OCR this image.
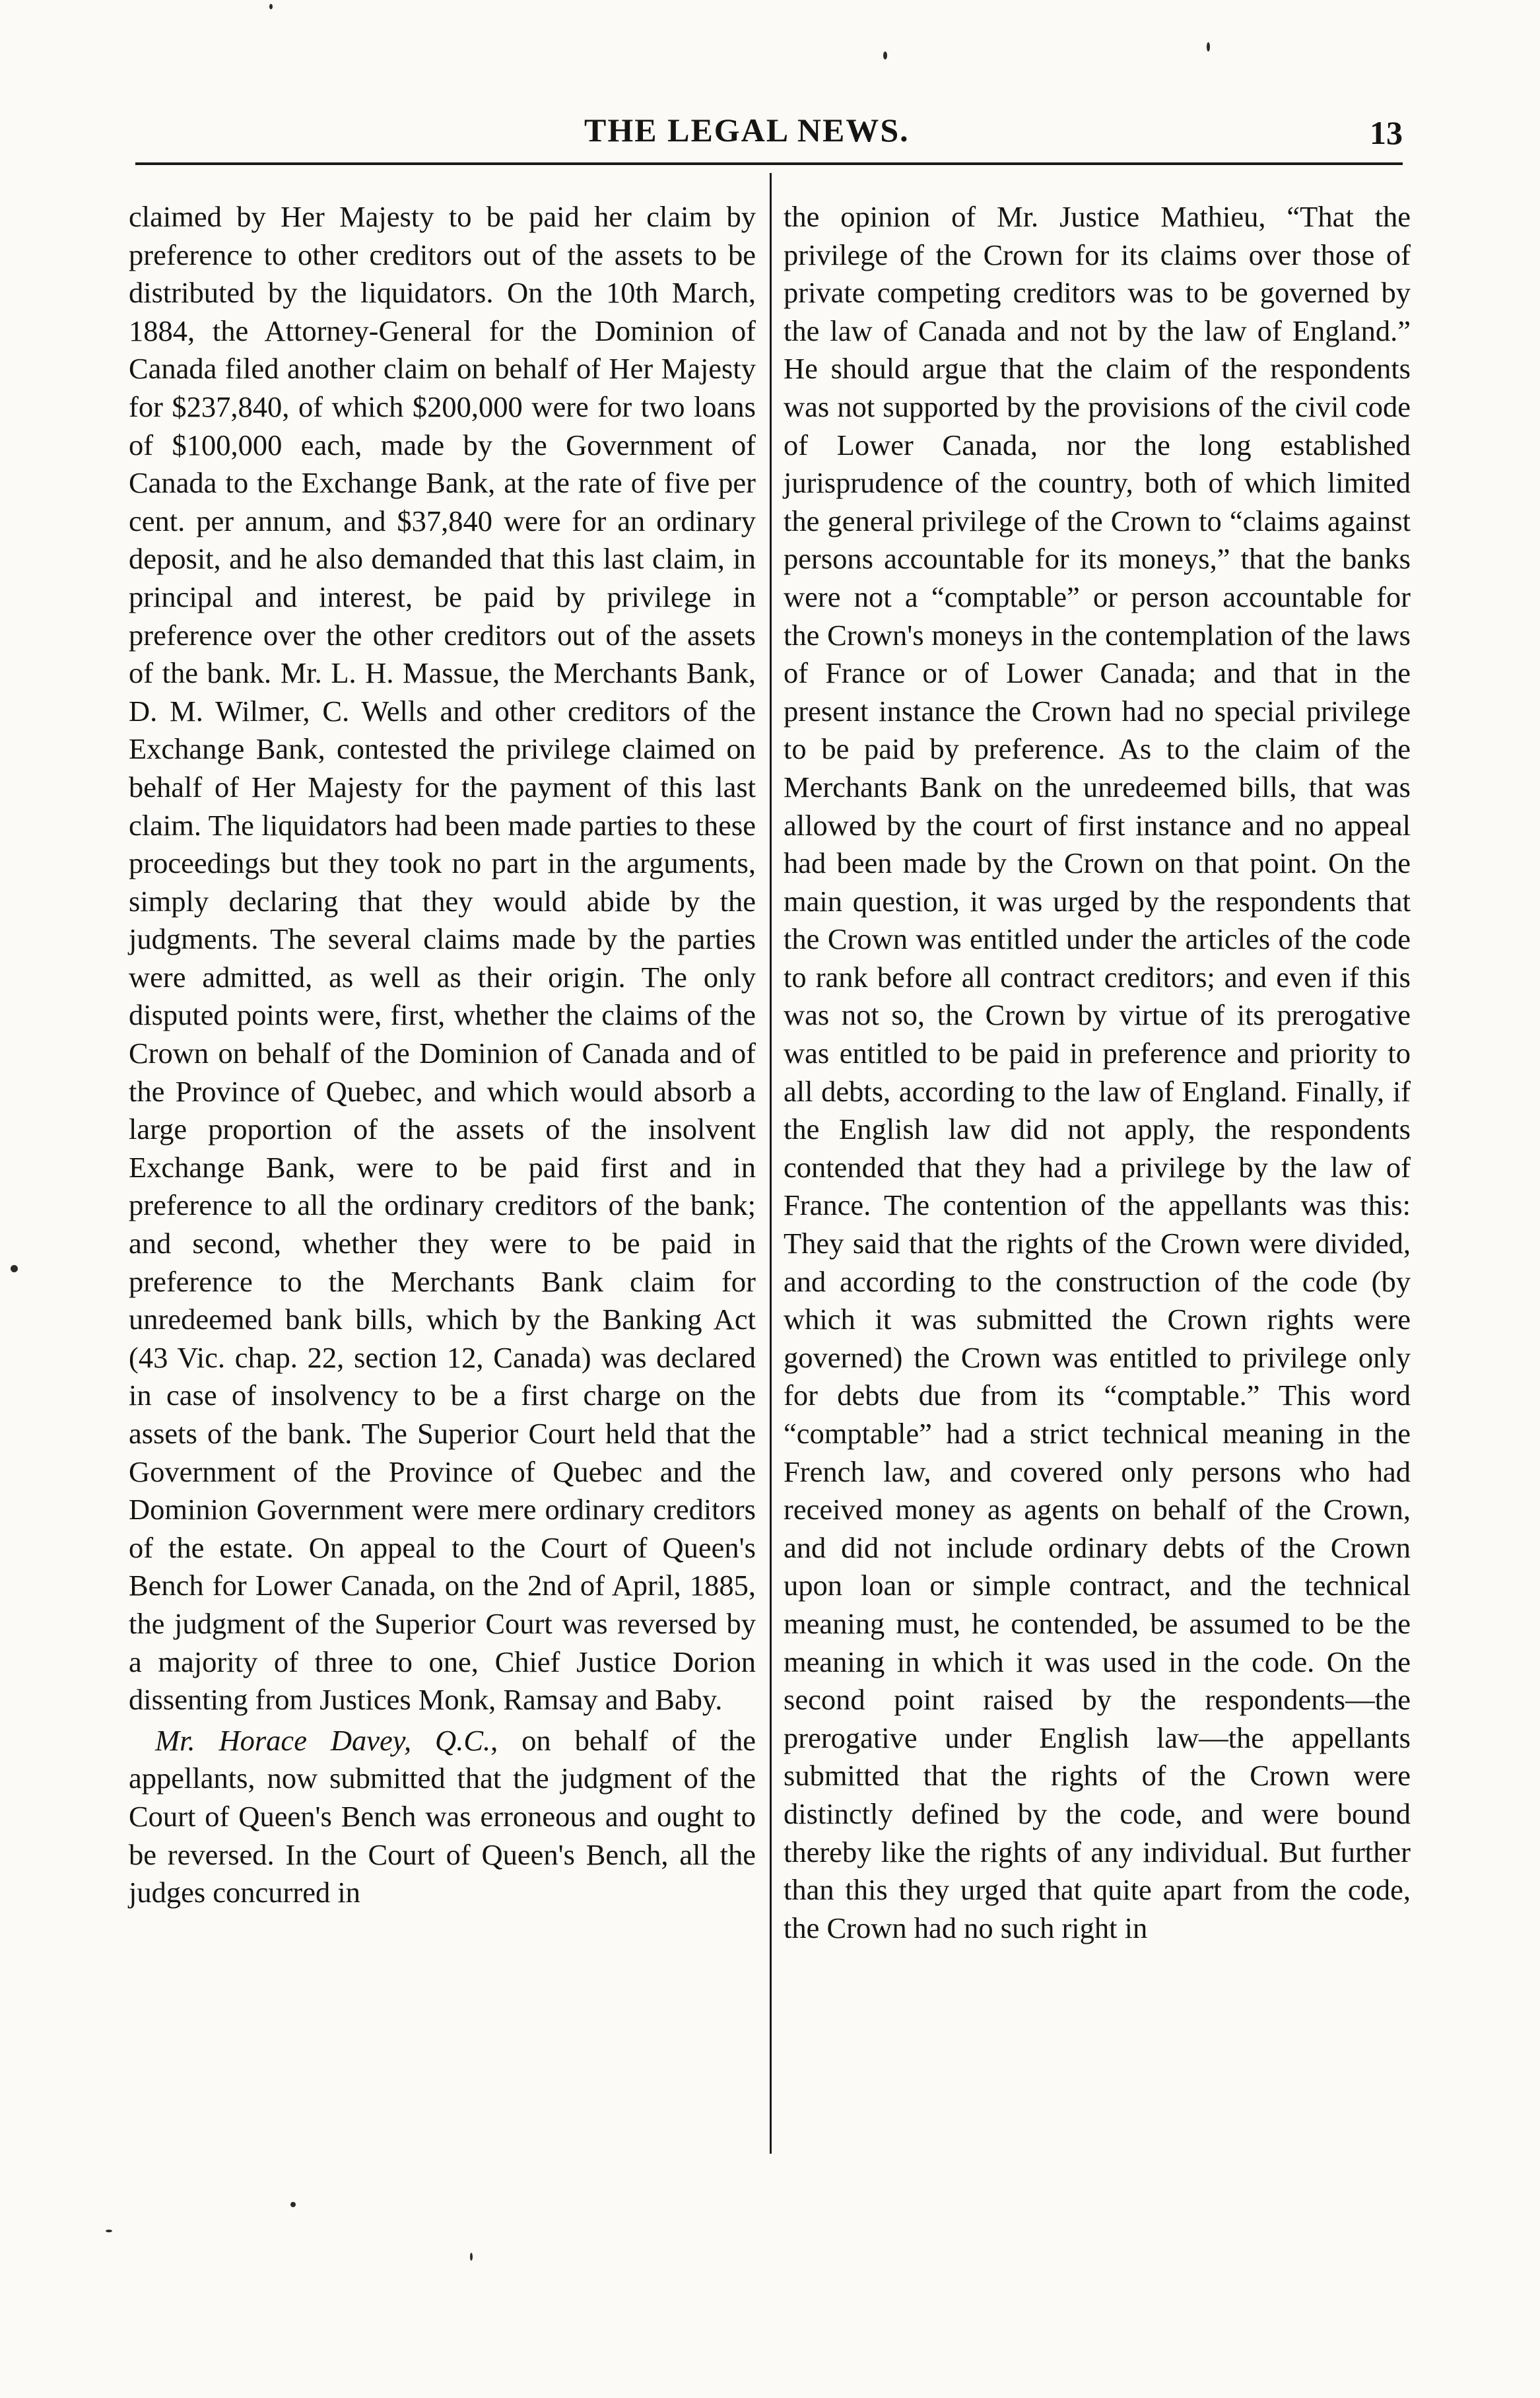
THE LEGAL NEWS.	13

claimed by Her Majesty to be paid her claim by preference to other creditors out of the assets to be distributed by the liquidators. On the 10th March, 1884, the Attorney-General for the Dominion of Canada filed another claim on behalf of Her Majesty for $237,840, of which $200,000 were for two loans of $100,000 each, made by the Government of Canada to the Exchange Bank, at the rate of five per cent. per annum, and $37,840 were for an ordinary deposit, and he also demanded that this last claim, in principal and interest, be paid by privilege in preference over the other creditors out of the assets of the bank. Mr. L. H. Massue, the Merchants Bank, D. M. Wilmer, C. Wells and other creditors of the Exchange Bank, contested the privilege claimed on behalf of Her Majesty for the payment of this last claim. The liquidators had been made parties to these proceedings but they took no part in the arguments, simply declaring that they would abide by the judgments. The several claims made by the parties were admitted, as well as their origin. The only disputed points were, first, whether the claims of the Crown on behalf of the Dominion of Canada and of the Province of Quebec, and which would absorb a large proportion of the assets of the insolvent Exchange Bank, were to be paid first and in preference to all the ordinary creditors of the bank; and second, whether they were to be paid in preference to the Merchants Bank claim for unredeemed bank bills, which by the Banking Act (43 Vic. chap. 22, section 12, Canada) was declared in case of insolvency to be a first charge on the assets of the bank. The Superior Court held that the Government of the Province of Quebec and the Dominion Government were mere ordinary creditors of the estate. On appeal to the Court of Queen's Bench for Lower Canada, on the 2nd of April, 1885, the judgment of the Superior Court was reversed by a majority of three to one, Chief Justice Dorion dissenting from Justices Monk, Ramsay and Baby.

Mr. Horace Davey, Q.C., on behalf of the appellants, now submitted that the judgment of the Court of Queen's Bench was erroneous and ought to be reversed. In the Court of Queen's Bench, all the judges concurred in

the opinion of Mr. Justice Mathieu, “That the privilege of the Crown for its claims over those of private competing creditors was to be governed by the law of Canada and not by the law of England.” He should argue that the claim of the respondents was not supported by the provisions of the civil code of Lower Canada, nor the long established jurisprudence of the country, both of which limited the general privilege of the Crown to “claims against persons accountable for its moneys,” that the banks were not a “comptable” or person accountable for the Crown's moneys in the contemplation of the laws of France or of Lower Canada; and that in the present instance the Crown had no special privilege to be paid by preference. As to the claim of the Merchants Bank on the unredeemed bills, that was allowed by the court of first instance and no appeal had been made by the Crown on that point. On the main question, it was urged by the respondents that the Crown was entitled under the articles of the code to rank before all contract creditors; and even if this was not so, the Crown by virtue of its prerogative was entitled to be paid in preference and priority to all debts, according to the law of England. Finally, if the English law did not apply, the respondents contended that they had a privilege by the law of France. The contention of the appellants was this: They said that the rights of the Crown were divided, and according to the construction of the code (by which it was submitted the Crown rights were governed) the Crown was entitled to privilege only for debts due from its “comptable.” This word “comptable” had a strict technical meaning in the French law, and covered only persons who had received money as agents on behalf of the Crown, and did not include ordinary debts of the Crown upon loan or simple contract, and the technical meaning must, he contended, be assumed to be the meaning in which it was used in the code. On the second point raised by the respondents—the prerogative under English law—the appellants submitted that the rights of the Crown were distinctly defined by the code, and were bound thereby like the rights of any individual. But further than this they urged that quite apart from the code, the Crown had no such right in
